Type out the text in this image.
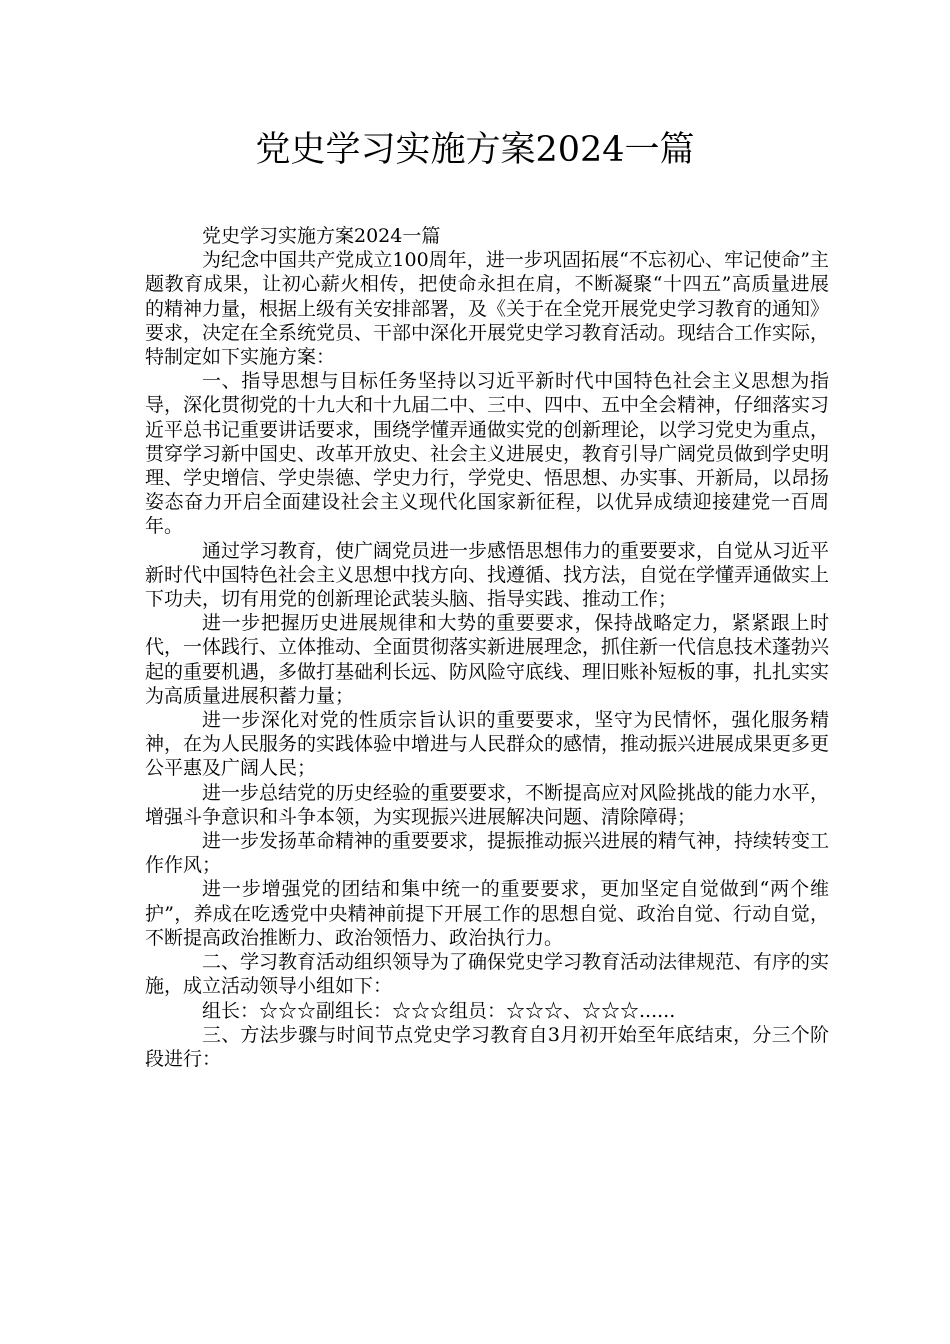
党史学习实施方案2024一篇

党史学习实施方案2024一篇

为纪念中国共产党成立100周年，进一步巩固拓展“不忘初心、牢记使命”主题教育成果，让初心薪火相传，把使命永担在肩，不断凝聚“十四五”高质量进展的精神力量，根据上级有关安排部署，及《关于在全党开展党史学习教育的通知》要求，决定在全系统党员、干部中深化开展党史学习教育活动。现结合工作实际，特制定如下实施方案：

一、指导思想与目标任务坚持以习近平新时代中国特色社会主义思想为指导，深化贯彻党的十九大和十九届二中、三中、四中、五中全会精神，仔细落实习近平总书记重要讲话要求，围绕学懂弄通做实党的创新理论，以学习党史为重点，贯穿学习新中国史、改革开放史、社会主义进展史，教育引导广阔党员做到学史明理、学史增信、学史崇德、学史力行，学党史、悟思想、办实事、开新局，以昂扬姿态奋力开启全面建设社会主义现代化国家新征程，以优异成绩迎接建党一百周年。

通过学习教育，使广阔党员进一步感悟思想伟力的重要要求，自觉从习近平新时代中国特色社会主义思想中找方向、找遵循、找方法，自觉在学懂弄通做实上下功夫，切有用党的创新理论武装头脑、指导实践、推动工作；

进一步把握历史进展规律和大势的重要要求，保持战略定力，紧紧跟上时代，一体践行、立体推动、全面贯彻落实新进展理念，抓住新一代信息技术蓬勃兴起的重要机遇，多做打基础利长远、防风险守底线、理旧账补短板的事，扎扎实实为高质量进展积蓄力量；

进一步深化对党的性质宗旨认识的重要要求，坚守为民情怀，强化服务精神，在为人民服务的实践体验中增进与人民群众的感情，推动振兴进展成果更多更公平惠及广阔人民；

进一步总结党的历史经验的重要要求，不断提高应对风险挑战的能力水平，增强斗争意识和斗争本领，为实现振兴进展解决问题、清除障碍；

进一步发扬革命精神的重要要求，提振推动振兴进展的精气神，持续转变工作作风；

进一步增强党的团结和集中统一的重要要求，更加坚定自觉做到“两个维护”，养成在吃透党中央精神前提下开展工作的思想自觉、政治自觉、行动自觉，不断提高政治推断力、政治领悟力、政治执行力。

二、学习教育活动组织领导为了确保党史学习教育活动法律规范、有序的实施，成立活动领导小组如下：

组长：☆☆☆副组长：☆☆☆组员：☆☆☆、☆☆☆......

三、方法步骤与时间节点党史学习教育自3月初开始至年底结束，分三个阶段进行：
